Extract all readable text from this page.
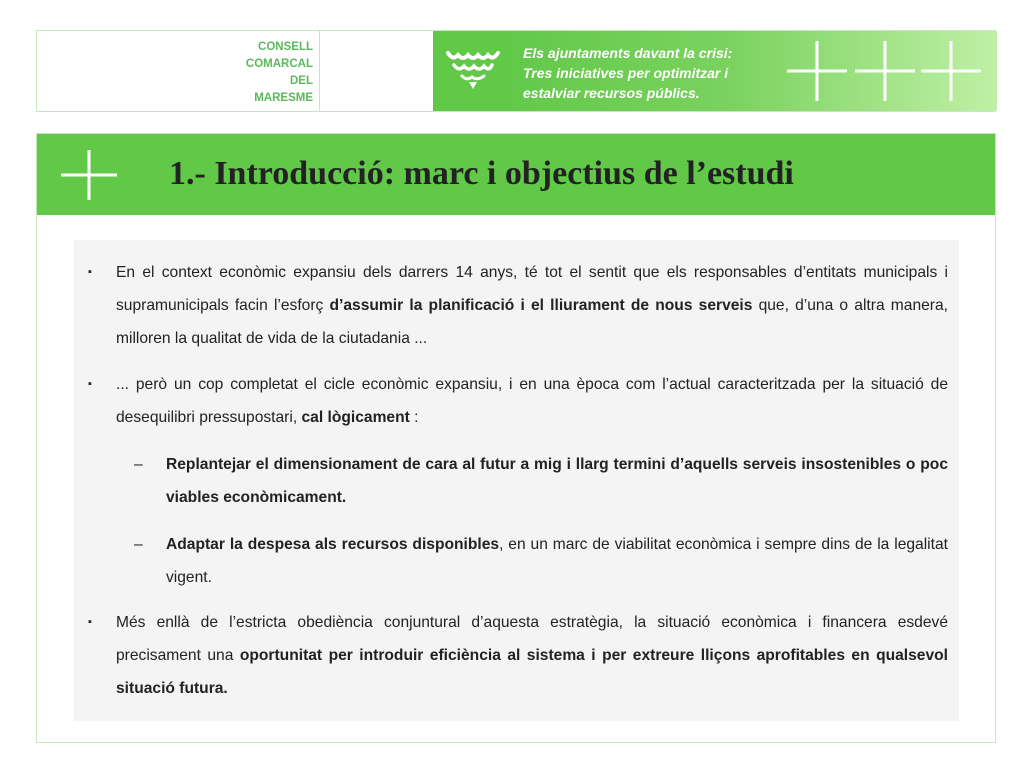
CONSELL
COMARCAL
DEL
MARESME
Els ajuntaments davant la crisi:
Tres iniciatives per optimitzar i
estalviar recursos públics.
1.- Introducció: marc i objectius de l’estudi
▪ En el context econòmic expansiu dels darrers 14 anys, té tot el sentit que els responsables d’entitats municipals i supramunicipals facin l’esforç d’assumir la planificació i el lliurament de nous serveis que, d’una o altra manera, milloren la qualitat de vida de la ciutadania ...
▪ ... però un cop completat el cicle econòmic expansiu, i en una època com l’actual caracteritzada per la situació de desequilibri pressupostari, cal lògicament :
– Replantejar el dimensionament de cara al futur a mig i llarg termini d’aquells serveis insostenibles o poc viables econòmicament.
– Adaptar la despesa als recursos disponibles, en un marc de viabilitat econòmica i sempre dins de la legalitat vigent.
▪ Més enllà de l’estricta obediència conjuntural d’aquesta estratègia, la situació econòmica i financera esdevé precisament una oportunitat per introduir eficiència al sistema i per extreure lliçons aprofitables en qualsevol situació futura.
